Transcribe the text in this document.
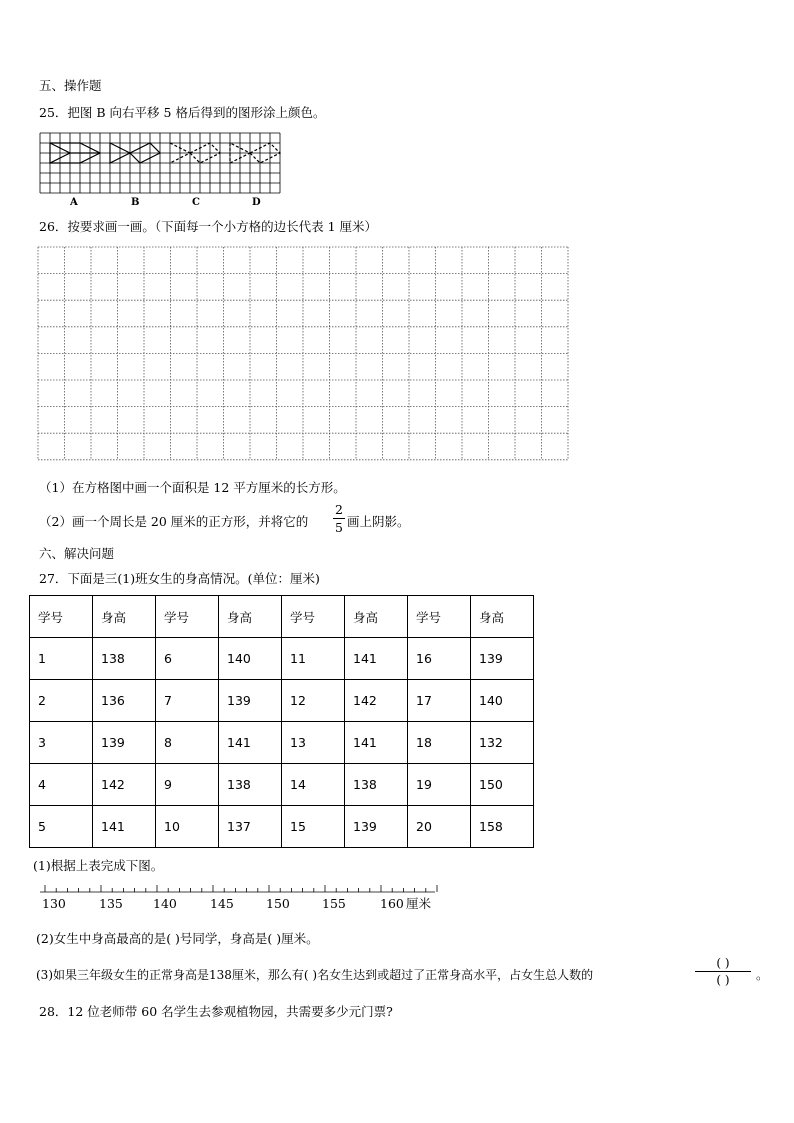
五、操作题
25．把图 B 向右平移 5 格后得到的图形涂上颜色。
A	B	C	D
26．按要求画一画。（下面每一个小方格的边长代表 1 厘米）
（1）在方格图中画一个面积是 12 平方厘米的长方形。
（2）画一个周长是 20 厘米的正方形，并将它的
2
5 画上阴影。
六、解决问题
27．下面是三(1)班女生的身高情况。(单位：厘米)
学号	身高	学号	身高	学号	身高	学号	身高
1	138	6	140	11	141	16	139
2	136	7	139	12	142	17	140
3	139	8	141	13	141	18	132
4	142	9	138	14	138	19	150
5	141	10	137	15	139	20	158
(1)根据上表完成下图。
130	135 140	145	150	155	160 厘米
(2)女生中身高最高的是( )号同学，身高是( )厘米。
(3)如果三年级女生的正常身高是138厘米，那么有( )名女生达到或超过了正常身高水平，占女生总人数的
( )
( )	。
28．12 位老师带 60 名学生去参观植物园，共需要多少元门票?
